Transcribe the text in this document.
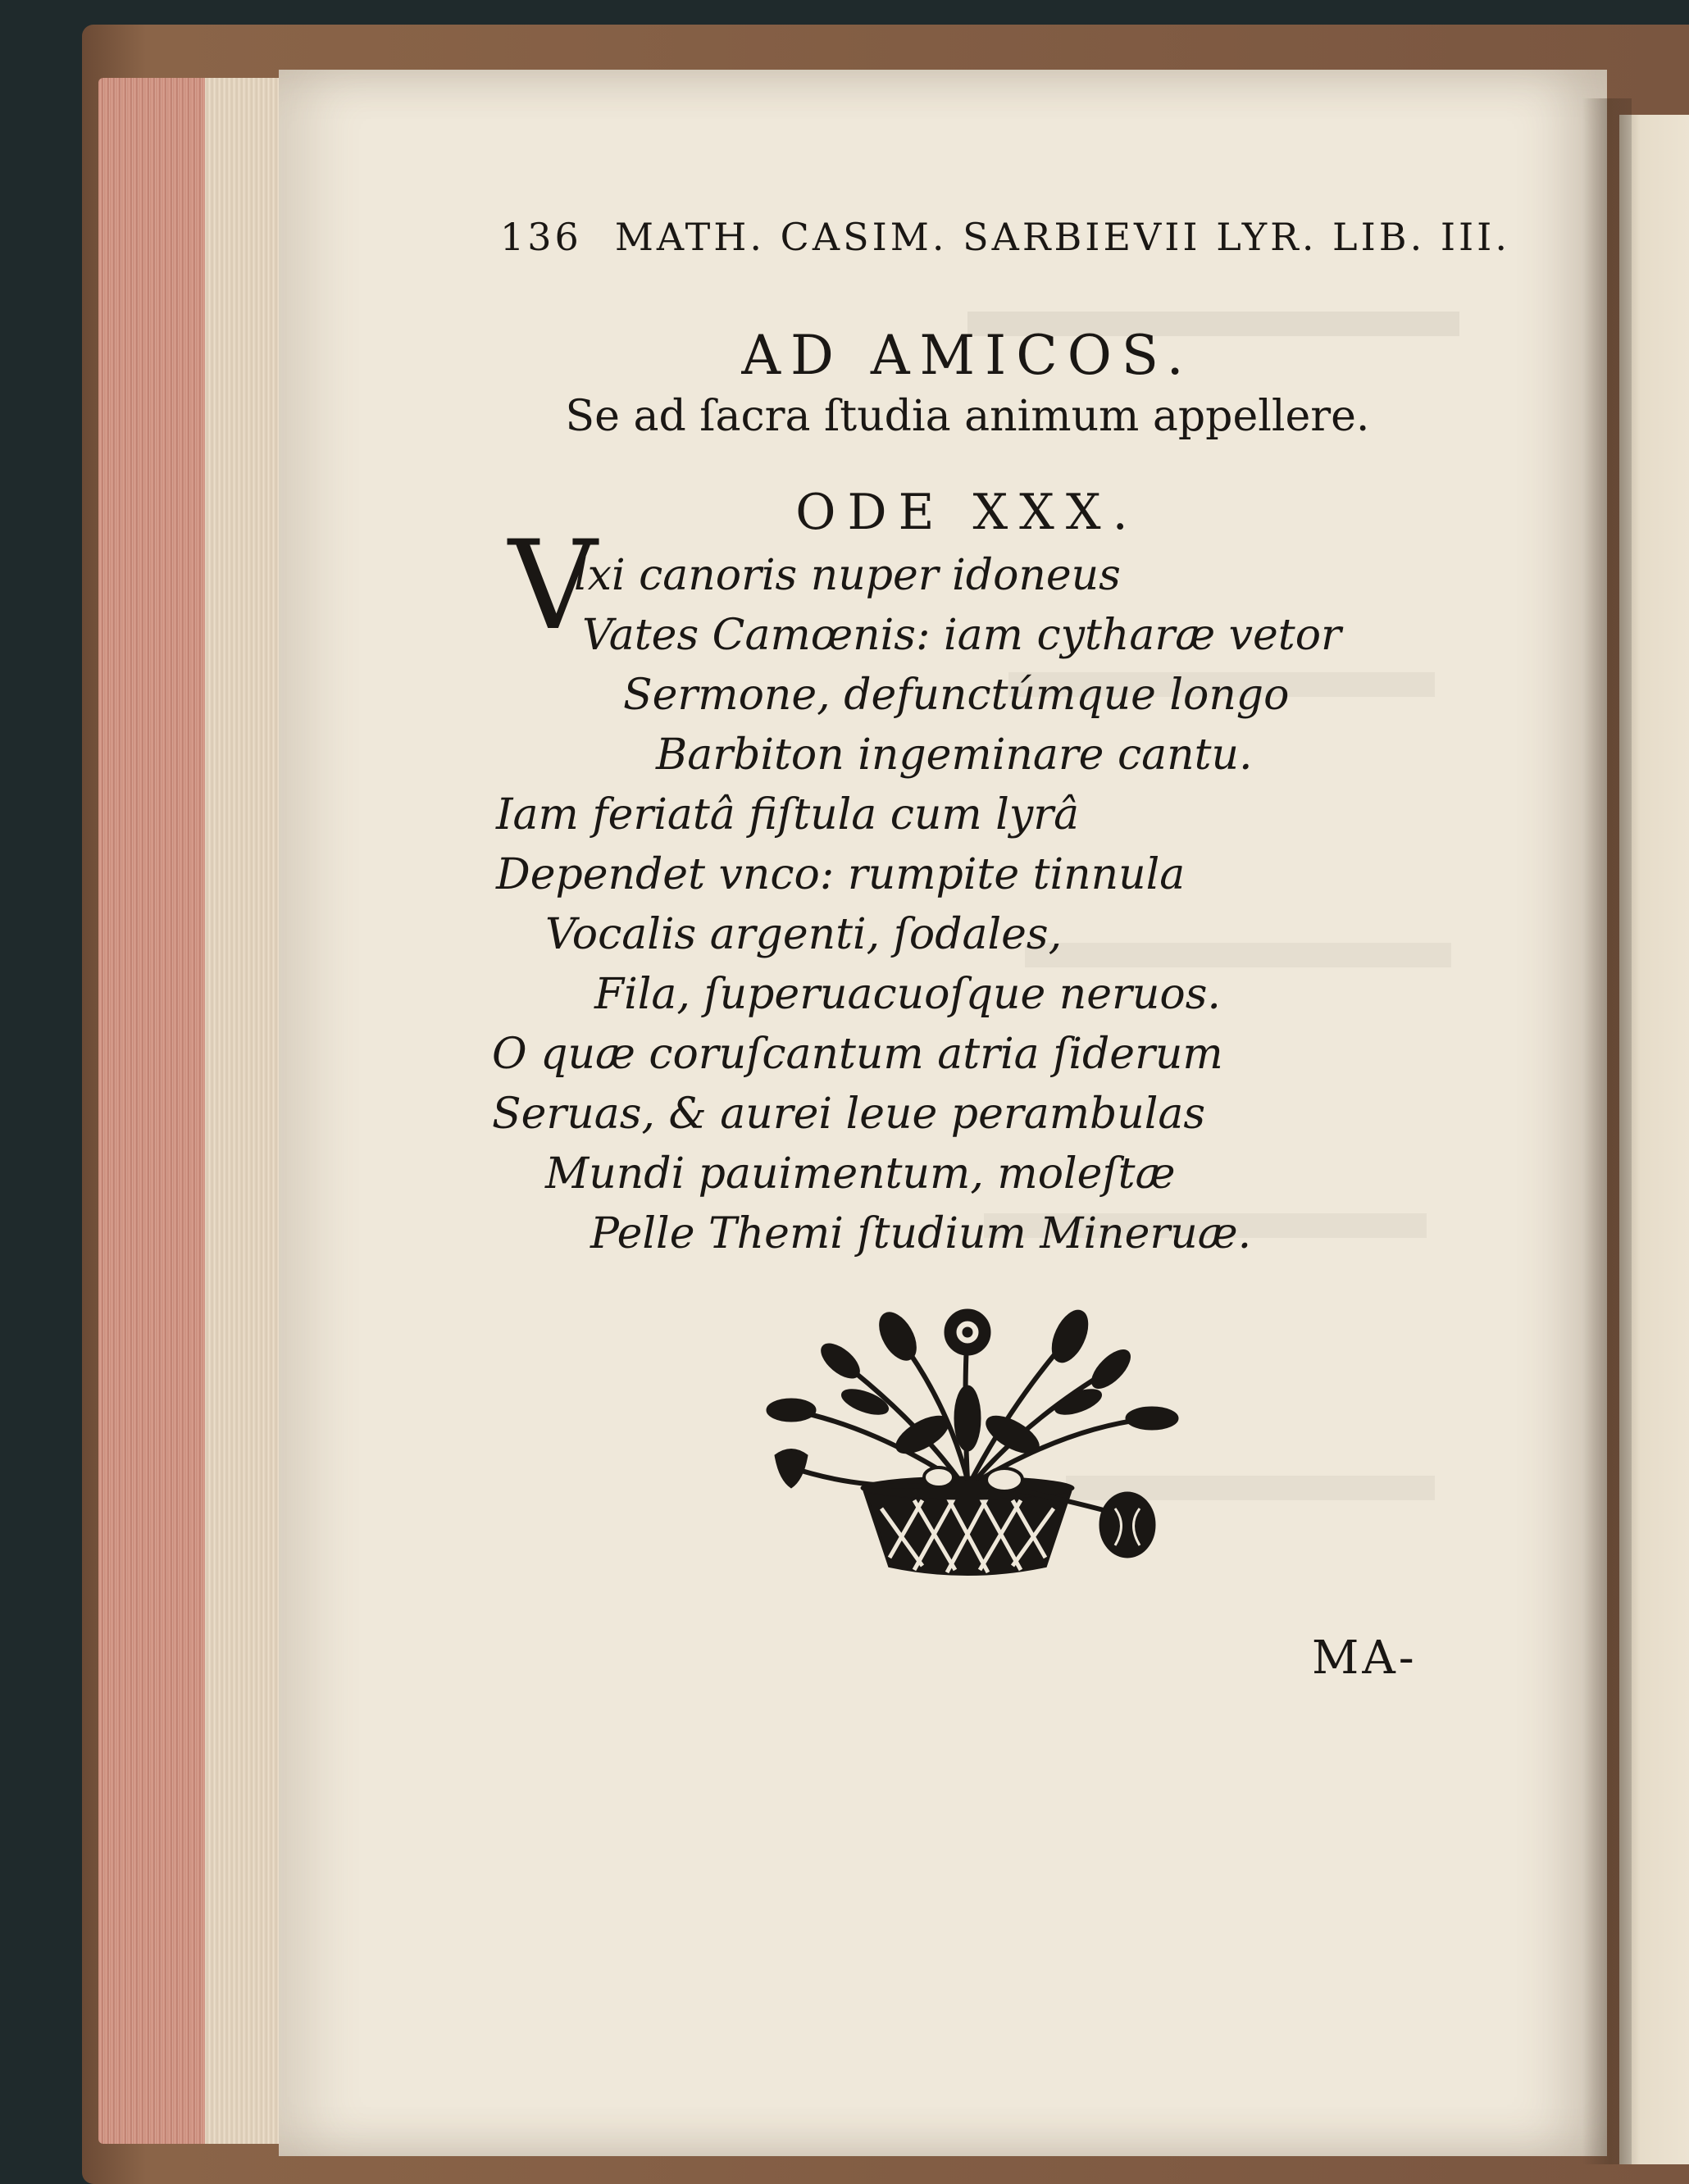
136 MATH. CASIM. SARBIEVII LYR. LIB. III.
AD AMICOS.
Se ad ſacra ſtudia animum appellere.
ODE XXX.
V
lxi canoris nuper idoneus
Vates Camœnis: iam cytharæ vetor
Sermone, defunctúmque longo
Barbiton ingeminare cantu.
Iam feriatâ fiſtula cum lyrâ
Dependet vnco: rumpite tinnula
Vocalis argenti, ſodales,
Fila, ſuperuacuoſque neruos.
O quæ coruſcantum atria ſiderum
Seruas, & aurei leue perambulas
Mundi pauimentum, moleſtæ
Pelle Themi ſtudium Mineruæ.
MA-
